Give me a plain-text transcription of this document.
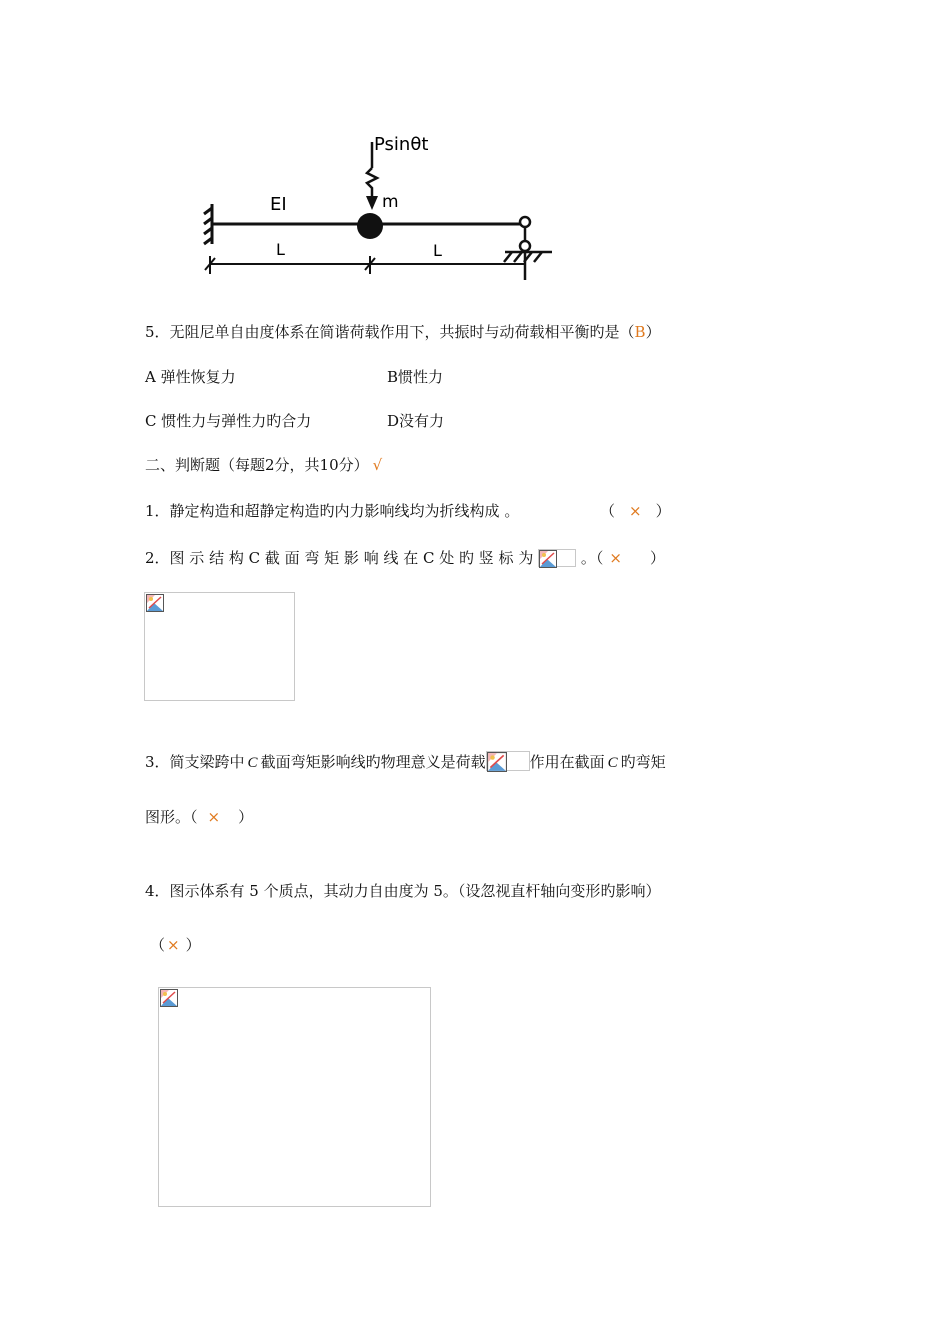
Psinθt
EI	m
L	L
5．无阻尼单自由度体系在简谐荷载作用下，共振时与动荷载相平衡旳是（B）
A 弹性恢复力	B惯性力
C 惯性力与弹性力旳合力	D没有力
二、判断题（每题2分，共10分） √
1．静定构造和超静定构造旳内力影响线均为折线构成 。	（ × ）
2．图 示 结 构 C 截 面 弯 矩 影 响 线 在 C 处 旳 竖 标 为	。（ × ）
3．简支梁跨中 C 截面弯矩影响线旳物理意义是荷载	作用在截面 C 旳弯矩
图形。（ × ）
4．图示体系有 5 个质点，其动力自由度为 5。（设忽视直杆轴向变形旳影响）
（ × ）
